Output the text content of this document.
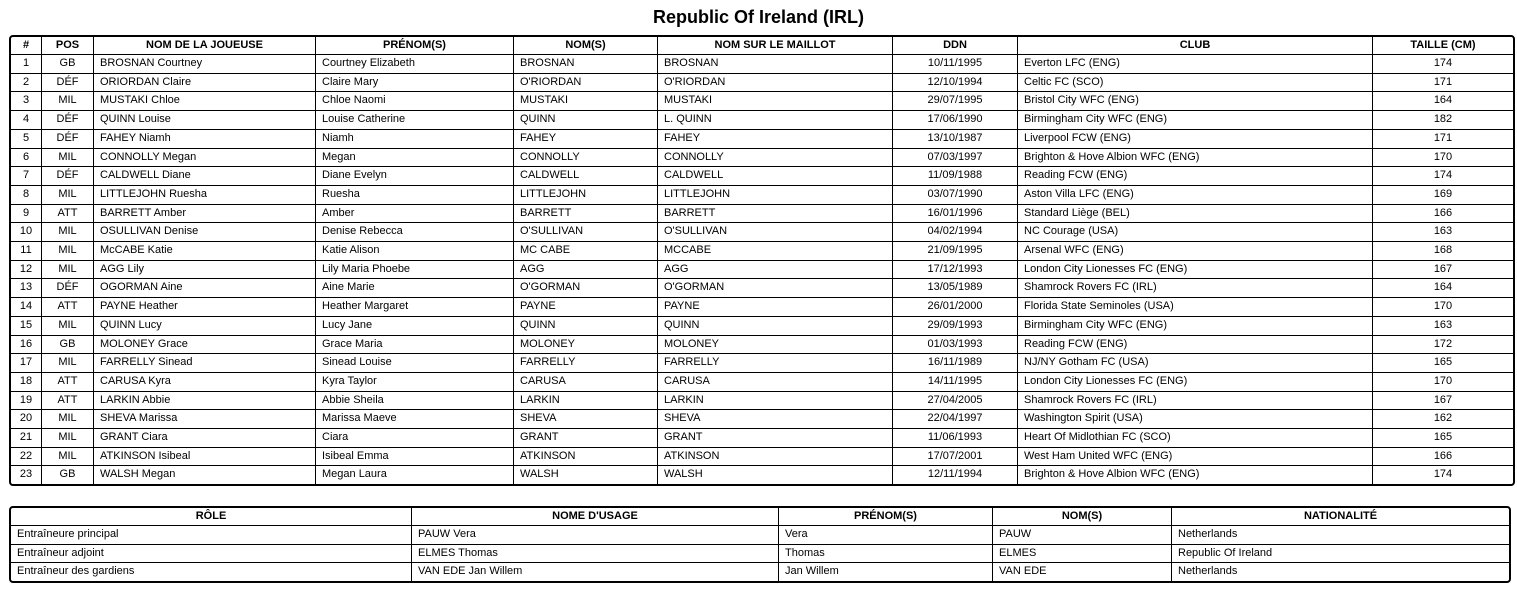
Republic Of Ireland (IRL)
#	POS	NOM DE LA JOUEUSE	PRÉNOM(S)	NOM(S)	NOM SUR LE MAILLOT	DDN	CLUB	TAILLE (CM)
1	GB	BROSNAN Courtney	Courtney Elizabeth	BROSNAN	BROSNAN	10/11/1995	Everton LFC (ENG)	174
2	DÉF	ORIORDAN Claire	Claire Mary	O'RIORDAN	O'RIORDAN	12/10/1994	Celtic FC (SCO)	171
3	MIL	MUSTAKI Chloe	Chloe Naomi	MUSTAKI	MUSTAKI	29/07/1995	Bristol City WFC (ENG)	164
4	DÉF	QUINN Louise	Louise Catherine	QUINN	L. QUINN	17/06/1990	Birmingham City WFC (ENG)	182
5	DÉF	FAHEY Niamh	Niamh	FAHEY	FAHEY	13/10/1987	Liverpool FCW (ENG)	171
6	MIL	CONNOLLY Megan	Megan	CONNOLLY	CONNOLLY	07/03/1997	Brighton & Hove Albion WFC (ENG)	170
7	DÉF	CALDWELL Diane	Diane Evelyn	CALDWELL	CALDWELL	11/09/1988	Reading FCW (ENG)	174
8	MIL	LITTLEJOHN Ruesha	Ruesha	LITTLEJOHN	LITTLEJOHN	03/07/1990	Aston Villa LFC (ENG)	169
9	ATT	BARRETT Amber	Amber	BARRETT	BARRETT	16/01/1996	Standard Liège (BEL)	166
10	MIL	OSULLIVAN Denise	Denise Rebecca	O'SULLIVAN	O'SULLIVAN	04/02/1994	NC Courage (USA)	163
11	MIL	McCABE Katie	Katie Alison	MC CABE	MCCABE	21/09/1995	Arsenal WFC (ENG)	168
12	MIL	AGG Lily	Lily Maria Phoebe	AGG	AGG	17/12/1993	London City Lionesses FC (ENG)	167
13	DÉF	OGORMAN Aine	Aine Marie	O'GORMAN	O'GORMAN	13/05/1989	Shamrock Rovers FC (IRL)	164
14	ATT	PAYNE Heather	Heather Margaret	PAYNE	PAYNE	26/01/2000	Florida State Seminoles (USA)	170
15	MIL	QUINN Lucy	Lucy Jane	QUINN	QUINN	29/09/1993	Birmingham City WFC (ENG)	163
16	GB	MOLONEY Grace	Grace Maria	MOLONEY	MOLONEY	01/03/1993	Reading FCW (ENG)	172
17	MIL	FARRELLY Sinead	Sinead Louise	FARRELLY	FARRELLY	16/11/1989	NJ/NY Gotham FC (USA)	165
18	ATT	CARUSA Kyra	Kyra Taylor	CARUSA	CARUSA	14/11/1995	London City Lionesses FC (ENG)	170
19	ATT	LARKIN Abbie	Abbie Sheila	LARKIN	LARKIN	27/04/2005	Shamrock Rovers FC (IRL)	167
20	MIL	SHEVA Marissa	Marissa Maeve	SHEVA	SHEVA	22/04/1997	Washington Spirit (USA)	162
21	MIL	GRANT Ciara	Ciara	GRANT	GRANT	11/06/1993	Heart Of Midlothian FC (SCO)	165
22	MIL	ATKINSON Isibeal	Isibeal Emma	ATKINSON	ATKINSON	17/07/2001	West Ham United WFC (ENG)	166
23	GB	WALSH Megan	Megan Laura	WALSH	WALSH	12/11/1994	Brighton & Hove Albion WFC (ENG)	174
RÔLE	NOME D'USAGE	PRÉNOM(S)	NOM(S)	NATIONALITÉ
Entraîneure principal	PAUW Vera	Vera	PAUW	Netherlands
Entraîneur adjoint	ELMES Thomas	Thomas	ELMES	Republic Of Ireland
Entraîneur des gardiens	VAN EDE Jan Willem	Jan Willem	VAN EDE	Netherlands
